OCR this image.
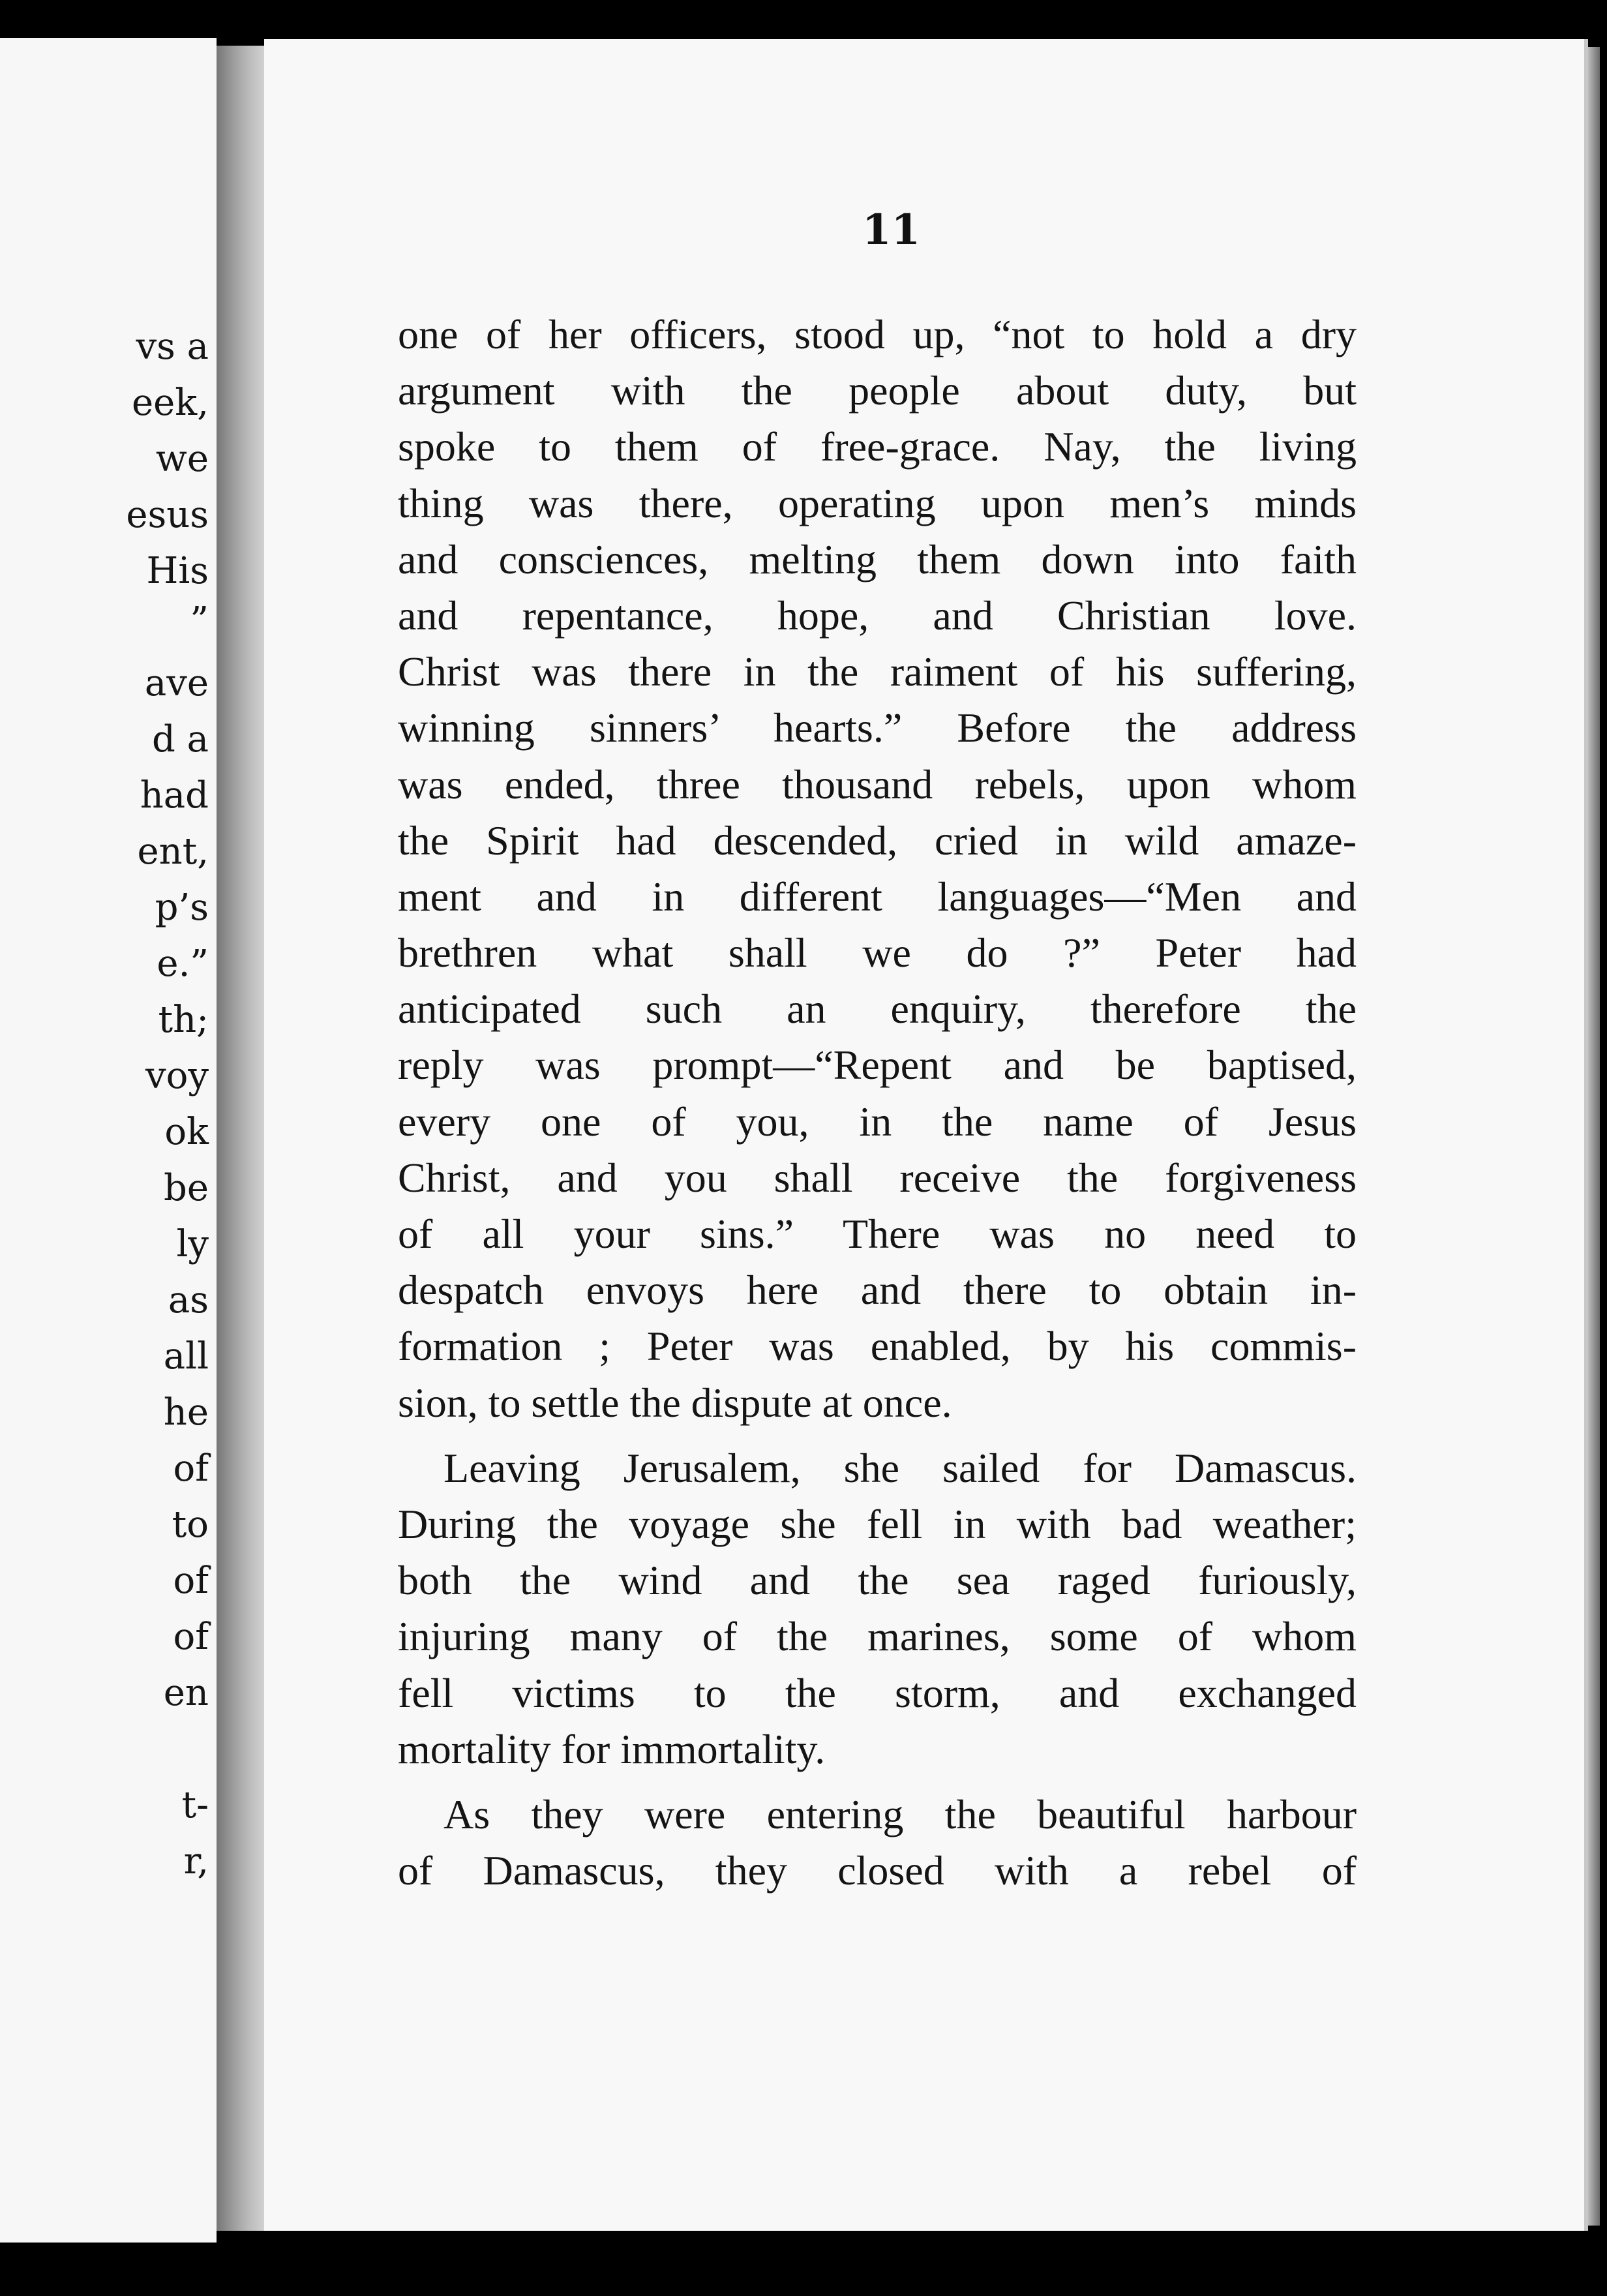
vs a
eek,
we
esus
His
”
ave
d a
had
ent,
p’s
e.”
th;
voy
ok
be
ly
as
all
he
of
to
of
of
en
t-
r,
11
one of her officers, stood up, “not to hold a dry
argument with the people about duty, but
spoke to them of free-grace. Nay, the living
thing was there, operating upon men’s minds
and consciences, melting them down into faith
and repentance, hope, and Christian love.
Christ was there in the raiment of his suffering,
winning sinners’ hearts.” Before the address
was ended, three thousand rebels, upon whom
the Spirit had descended, cried in wild amaze-
ment and in different languages—“Men and
brethren what shall we do ?” Peter had
anticipated such an enquiry, therefore the
reply was prompt—“Repent and be baptised,
every one of you, in the name of Jesus
Christ, and you shall receive the forgiveness
of all your sins.” There was no need to
despatch envoys here and there to obtain in-
formation ; Peter was enabled, by his commis-
sion, to settle the dispute at once.
Leaving Jerusalem, she sailed for Damascus.
During the voyage she fell in with bad weather;
both the wind and the sea raged furiously,
injuring many of the marines, some of whom
fell victims to the storm, and exchanged
mortality for immortality.
As they were entering the beautiful harbour
of Damascus, they closed with a rebel of
